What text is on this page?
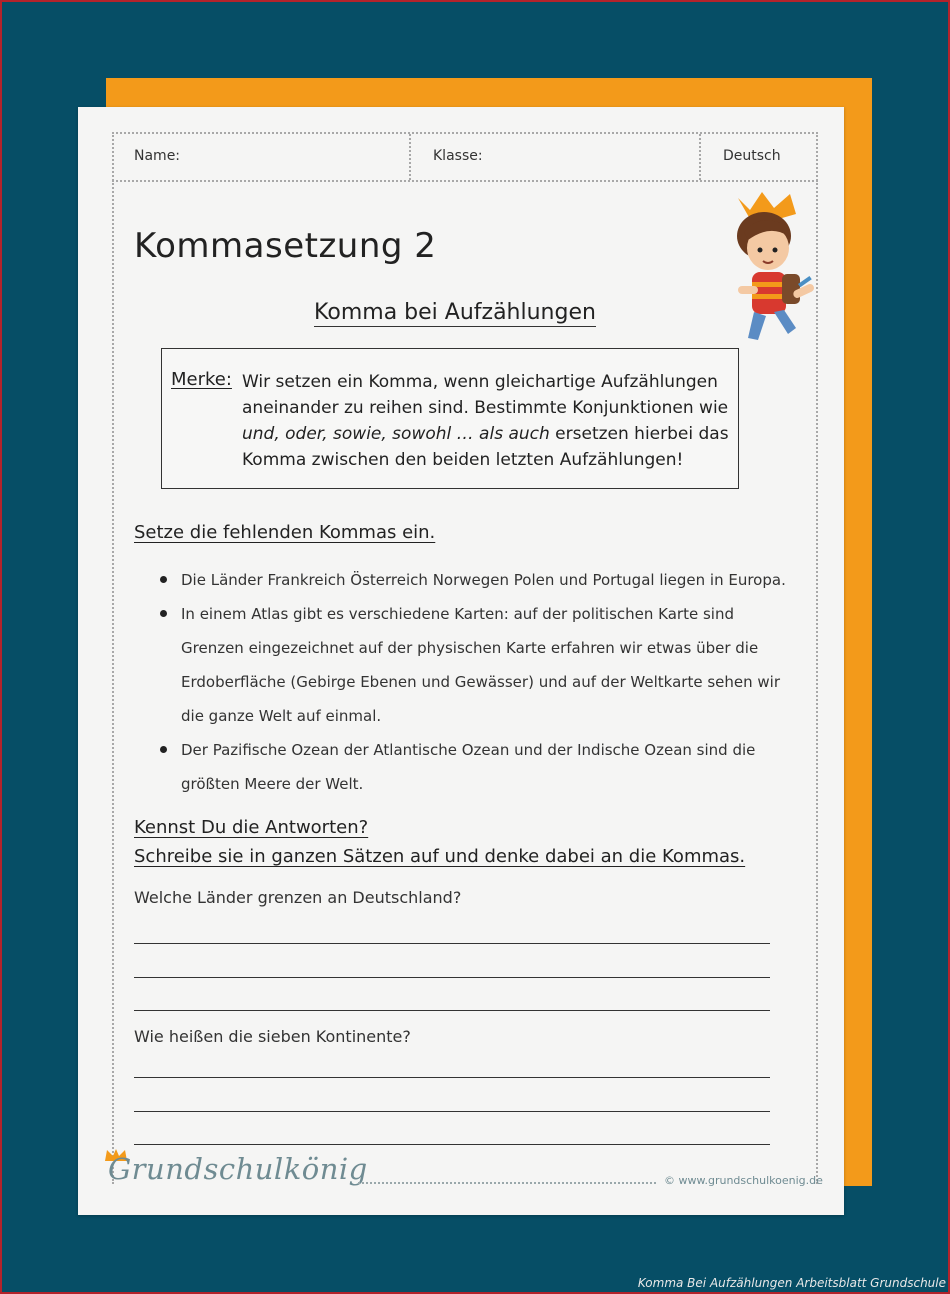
Name:	Klasse:	Deutsch
Kommasetzung 2
Komma bei Aufzählungen
Merke: Wir setzen ein Komma, wenn gleichartige Aufzählungen
aneinander zu reihen sind. Bestimmte Konjunktionen wie
und, oder, sowie, sowohl … als auch ersetzen hierbei das
Komma zwischen den beiden letzten Aufzählungen!
Setze die fehlenden Kommas ein.
Die Länder Frankreich Österreich Norwegen Polen und Portugal liegen in Europa.
In einem Atlas gibt es verschiedene Karten: auf der politischen Karte sind
Grenzen eingezeichnet auf der physischen Karte erfahren wir etwas über die
Erdoberfläche (Gebirge Ebenen und Gewässer) und auf der Weltkarte sehen wir
die ganze Welt auf einmal.
Der Pazifische Ozean der Atlantische Ozean und der Indische Ozean sind die
größten Meere der Welt.
Kennst Du die Antworten?
Schreibe sie in ganzen Sätzen auf und denke dabei an die Kommas.
Welche Länder grenzen an Deutschland?
Wie heißen die sieben Kontinente?
Grundschulkönig	© www.grundschulkoenig.de
Komma Bei Aufzählungen Arbeitsblatt Grundschule
